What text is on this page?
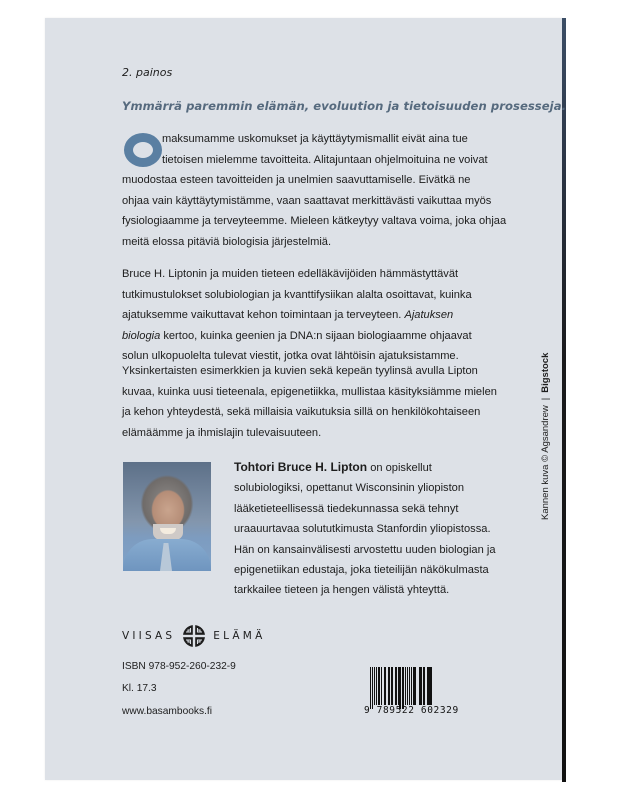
2. painos
Ymmärrä paremmin elämän, evoluution ja tietoisuuden prosesseja.
maksumamme uskomukset ja käyttäytymismallit eivät aina tue
tietoisen mielemme tavoitteita. Alitajuntaan ohjelmoituina ne voivat
muodostaa esteen tavoitteiden ja unelmien saavuttamiselle. Eivätkä ne
ohjaa vain käyttäytymistämme, vaan saattavat merkittävästi vaikuttaa myös
fysiologiaamme ja terveyteemme. Mieleen kätkeytyy valtava voima, joka ohjaa
meitä elossa pitäviä biologisia järjestelmiä.
Bruce H. Liptonin ja muiden tieteen edelläkävijöiden hämmästyttävät
tutkimustulokset solubiologian ja kvanttifysiikan alalta osoittavat, kuinka
ajatuksemme vaikuttavat kehon toimintaan ja terveyteen. Ajatuksen
biologia kertoo, kuinka geenien ja DNA:n sijaan biologiaamme ohjaavat
solun ulkopuolelta tulevat viestit, jotka ovat lähtöisin ajatuksistamme.
Yksinkertaisten esimerkkien ja kuvien sekä kepeän tyylinsä avulla Lipton
kuvaa, kuinka uusi tieteenala, epigenetiikka, mullistaa käsityksiämme mielen
ja kehon yhteydestä, sekä millaisia vaikutuksia sillä on henkilökohtaiseen
elämäämme ja ihmislajin tulevaisuuteen.
Tohtori Bruce H. Lipton on opiskellut
solubiologiksi, opettanut Wisconsinin yliopiston
lääketieteellisessä tiedekunnassa sekä tehnyt
uraauurtavaa solututkimusta Stanfordin yliopistossa.
Hän on kansainvälisesti arvostettu uuden biologian ja
epigenetiikan edustaja, joka tieteilijän näkökulmasta
tarkkailee tieteen ja hengen välistä yhteyttä.
Kannen kuva © Agsandrew|Bigstock
VIISAS	ELÄMÄ
ISBN 978-952-260-232-9
Kl. 17.3
www.basambooks.fi	9 789522 602329
